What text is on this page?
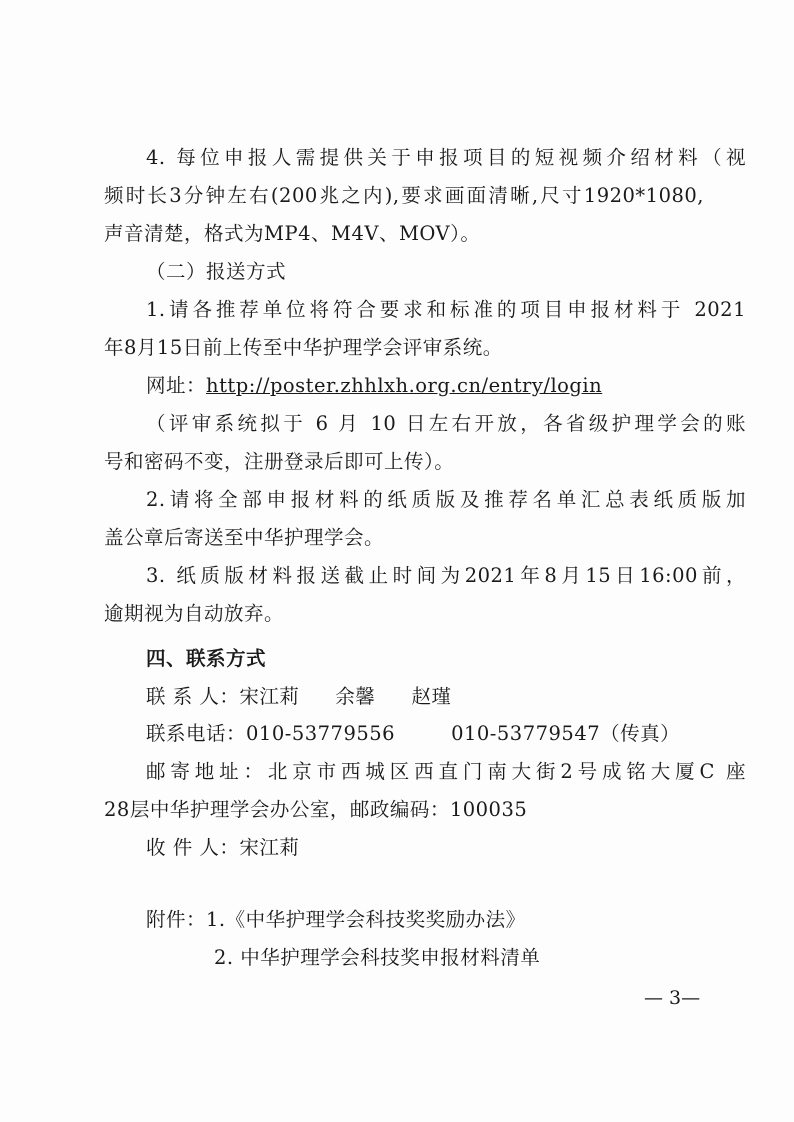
4. 每位申报人需提供关于申报项目的短视频介绍材料（视
频时长3分钟左右(200兆之内),要求画面清晰,尺寸1920*1080,
声音清楚，格式为MP4、M4V、MOV）。
（二）报送方式
1.请各推荐单位将符合要求和标准的项目申报材料于 2021
年8月15日前上传至中华护理学会评审系统。
网址：http://poster.zhhlxh.org.cn/entry/login
（评审系统拟于 6 月 10 日左右开放，各省级护理学会的账
号和密码不变，注册登录后即可上传）。
2.请将全部申报材料的纸质版及推荐名单汇总表纸质版加
盖公章后寄送至中华护理学会。
3. 纸质版材料报送截止时间为2021年8月15日16:00前，
逾期视为自动放弃。
四、联系方式
联 系 人：宋江莉 余馨 赵瑾
联系电话：010-53779556	010-53779547（传真）
邮寄地址：北京市西城区西直门南大街2号成铭大厦C 座
28层中华护理学会办公室，邮政编码：100035
收 件 人：宋江莉
附件：1.《中华护理学会科技奖奖励办法》
2. 中华护理学会科技奖申报材料清单
— 3—
